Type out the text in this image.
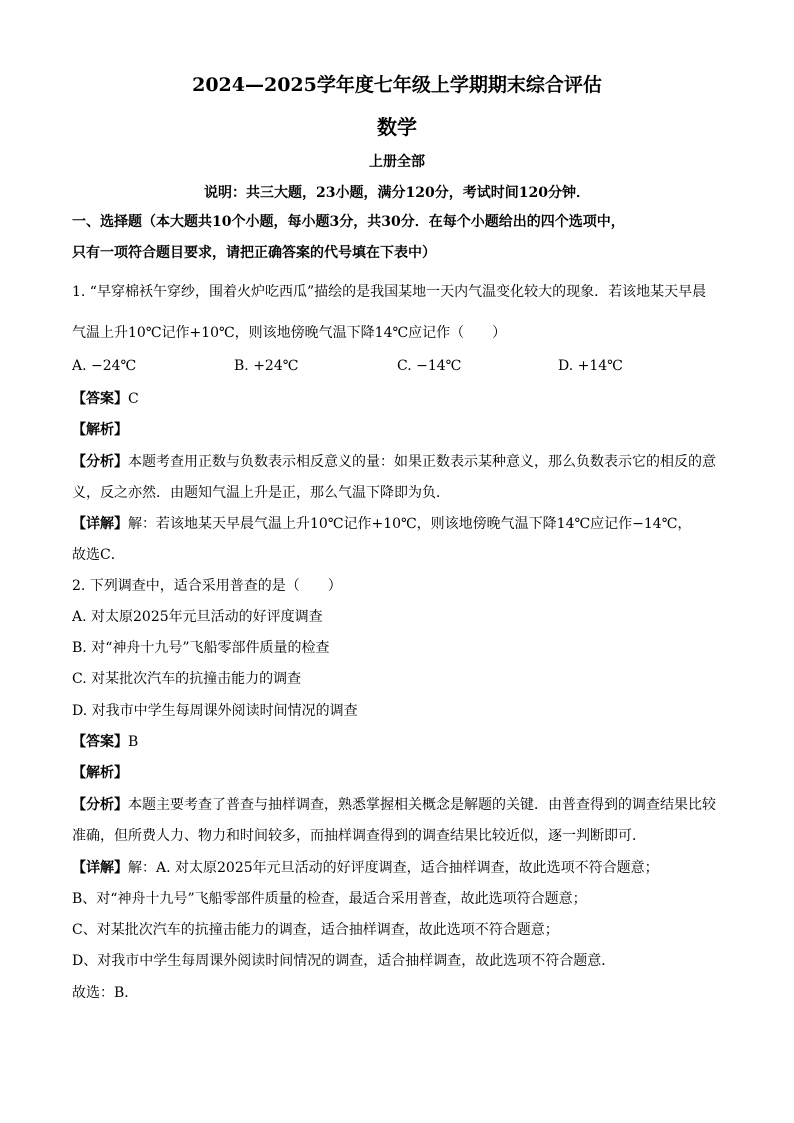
2024—2025学年度七年级上学期期末综合评估
数学
上册全部
说明：共三大题，23小题，满分120分，考试时间120分钟．
一、选择题（本大题共10个小题，每小题3分，共30分．在每个小题给出的四个选项中，
只有一项符合题目要求，请把正确答案的代号填在下表中）
1. “早穿棉袄午穿纱，围着火炉吃西瓜”描绘的是我国某地一天内气温变化较大的现象．若该地某天早晨
气温上升10℃记作+10℃，则该地傍晚气温下降14℃应记作（　　）
A. −24℃	B. +24℃	C. −14℃	D. +14℃
【答案】C
【解析】
【分析】本题考查用正数与负数表示相反意义的量：如果正数表示某种意义，那么负数表示它的相反的意
义，反之亦然．由题知气温上升是正，那么气温下降即为负．
【详解】解：若该地某天早晨气温上升10℃记作+10℃，则该地傍晚气温下降14℃应记作−14℃，
故选C．
2. 下列调查中，适合采用普查的是（　　）
A. 对太原2025年元旦活动的好评度调查
B. 对“神舟十九号”飞船零部件质量的检查
C. 对某批次汽车的抗撞击能力的调查
D. 对我市中学生每周课外阅读时间情况的调查
【答案】B
【解析】
【分析】本题主要考查了普查与抽样调查，熟悉掌握相关概念是解题的关键．由普查得到的调查结果比较
准确，但所费人力、物力和时间较多，而抽样调查得到的调查结果比较近似，逐一判断即可．
【详解】解：A. 对太原2025年元旦活动的好评度调查，适合抽样调查，故此选项不符合题意；
B、对“神舟十九号”飞船零部件质量的检查，最适合采用普查，故此选项符合题意；
C、对某批次汽车的抗撞击能力的调查，适合抽样调查，故此选项不符合题意；
D、对我市中学生每周课外阅读时间情况的调查，适合抽样调查，故此选项不符合题意．
故选：B．
